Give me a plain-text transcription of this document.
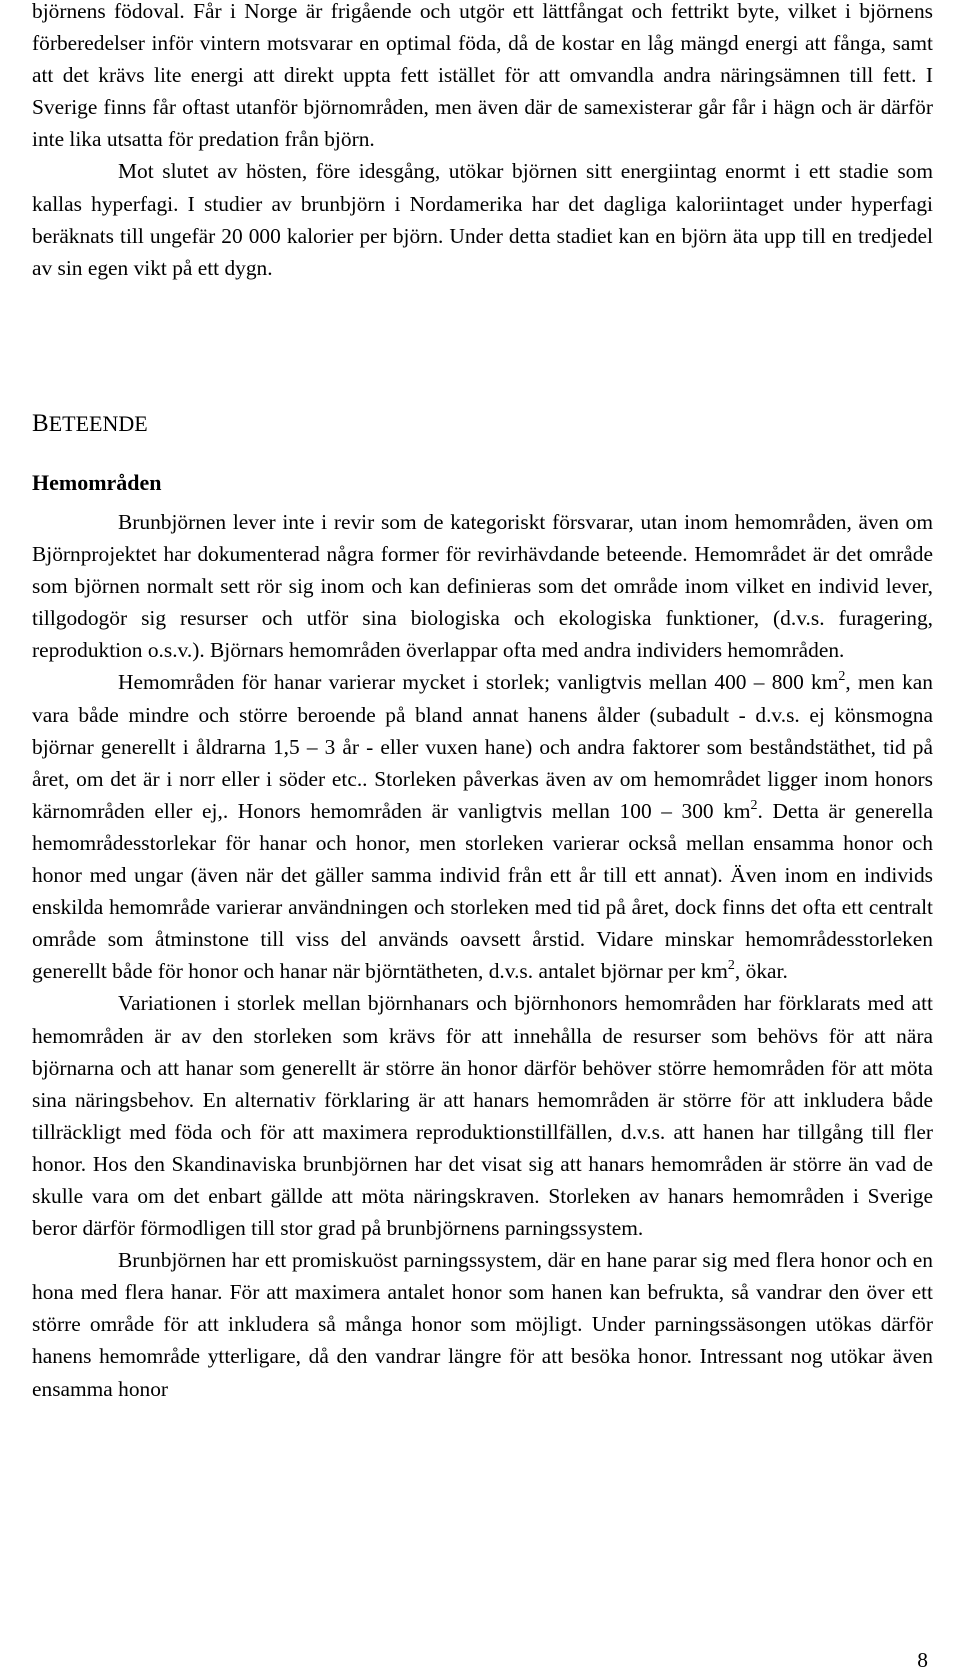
björnens födoval. Får i Norge är frigående och utgör ett lättfångat och fettrikt byte, vilket i björnens förberedelser inför vintern motsvarar en optimal föda, då de kostar en låg mängd energi att fånga, samt att det krävs lite energi att direkt uppta fett istället för att omvandla andra näringsämnen till fett. I Sverige finns får oftast utanför björnområden, men även där de samexisterar går får i hägn och är därför inte lika utsatta för predation från björn.

Mot slutet av hösten, före idesgång, utökar björnen sitt energiintag enormt i ett stadie som kallas hyperfagi. I studier av brunbjörn i Nordamerika har det dagliga kaloriintaget under hyperfagi beräknats till ungefär 20 000 kalorier per björn. Under detta stadiet kan en björn äta upp till en tredjedel av sin egen vikt på ett dygn.

BETEENDE
Hemområden

Brunbjörnen lever inte i revir som de kategoriskt försvarar, utan inom hemområden, även om Björnprojektet har dokumenterad några former för revirhävdande beteende. Hemområdet är det område som björnen normalt sett rör sig inom och kan definieras som det område inom vilket en individ lever, tillgodogör sig resurser och utför sina biologiska och ekologiska funktioner, (d.v.s. furagering, reproduktion o.s.v.). Björnars hemområden överlappar ofta med andra individers hemområden.

Hemområden för hanar varierar mycket i storlek; vanligtvis mellan 400 – 800 $km^2$, men kan vara både mindre och större beroende på bland annat hanens ålder (subadult - d.v.s. ej könsmogna björnar generellt i åldrarna 1,5 – 3 år - eller vuxen hane) och andra faktorer som beståndstäthet, tid på året, om det är i norr eller i söder etc.. Storleken påverkas även av om hemområdet ligger inom honors kärnområden eller ej,. Honors hemområden är vanligtvis mellan 100 – 300 $km^2$. Detta är generella hemområdesstorlekar för hanar och honor, men storleken varierar också mellan ensamma honor och honor med ungar (även när det gäller samma individ från ett år till ett annat). Även inom en individs enskilda hemområde varierar användningen och storleken med tid på året, dock finns det ofta ett centralt område som åtminstone till viss del används oavsett årstid. Vidare minskar hemområdesstorleken generellt både för honor och hanar när björntätheten, d.v.s. antalet björnar per $km^2$, ökar.

Variationen i storlek mellan björnhanars och björnhonors hemområden har förklarats med att hemområden är av den storleken som krävs för att innehålla de resurser som behövs för att nära björnarna och att hanar som generellt är större än honor därför behöver större hemområden för att möta sina näringsbehov. En alternativ förklaring är att hanars hemområden är större för att inkludera både tillräckligt med föda och för att maximera reproduktionstillfällen, d.v.s. att hanen har tillgång till fler honor. Hos den Skandinaviska brunbjörnen har det visat sig att hanars hemområden är större än vad de skulle vara om det enbart gällde att möta näringskraven. Storleken av hanars hemområden i Sverige beror därför förmodligen till stor grad på brunbjörnens parningssystem.

Brunbjörnen har ett promiskuöst parningssystem, där en hane parar sig med flera honor och en hona med flera hanar. För att maximera antalet honor som hanen kan befrukta, så vandrar den över ett större område för att inkludera så många honor som möjligt. Under parningssäsongen utökas därför hanens hemområde ytterligare, då den vandrar längre för att besöka honor. Intressant nog utökar även ensamma honor

8
